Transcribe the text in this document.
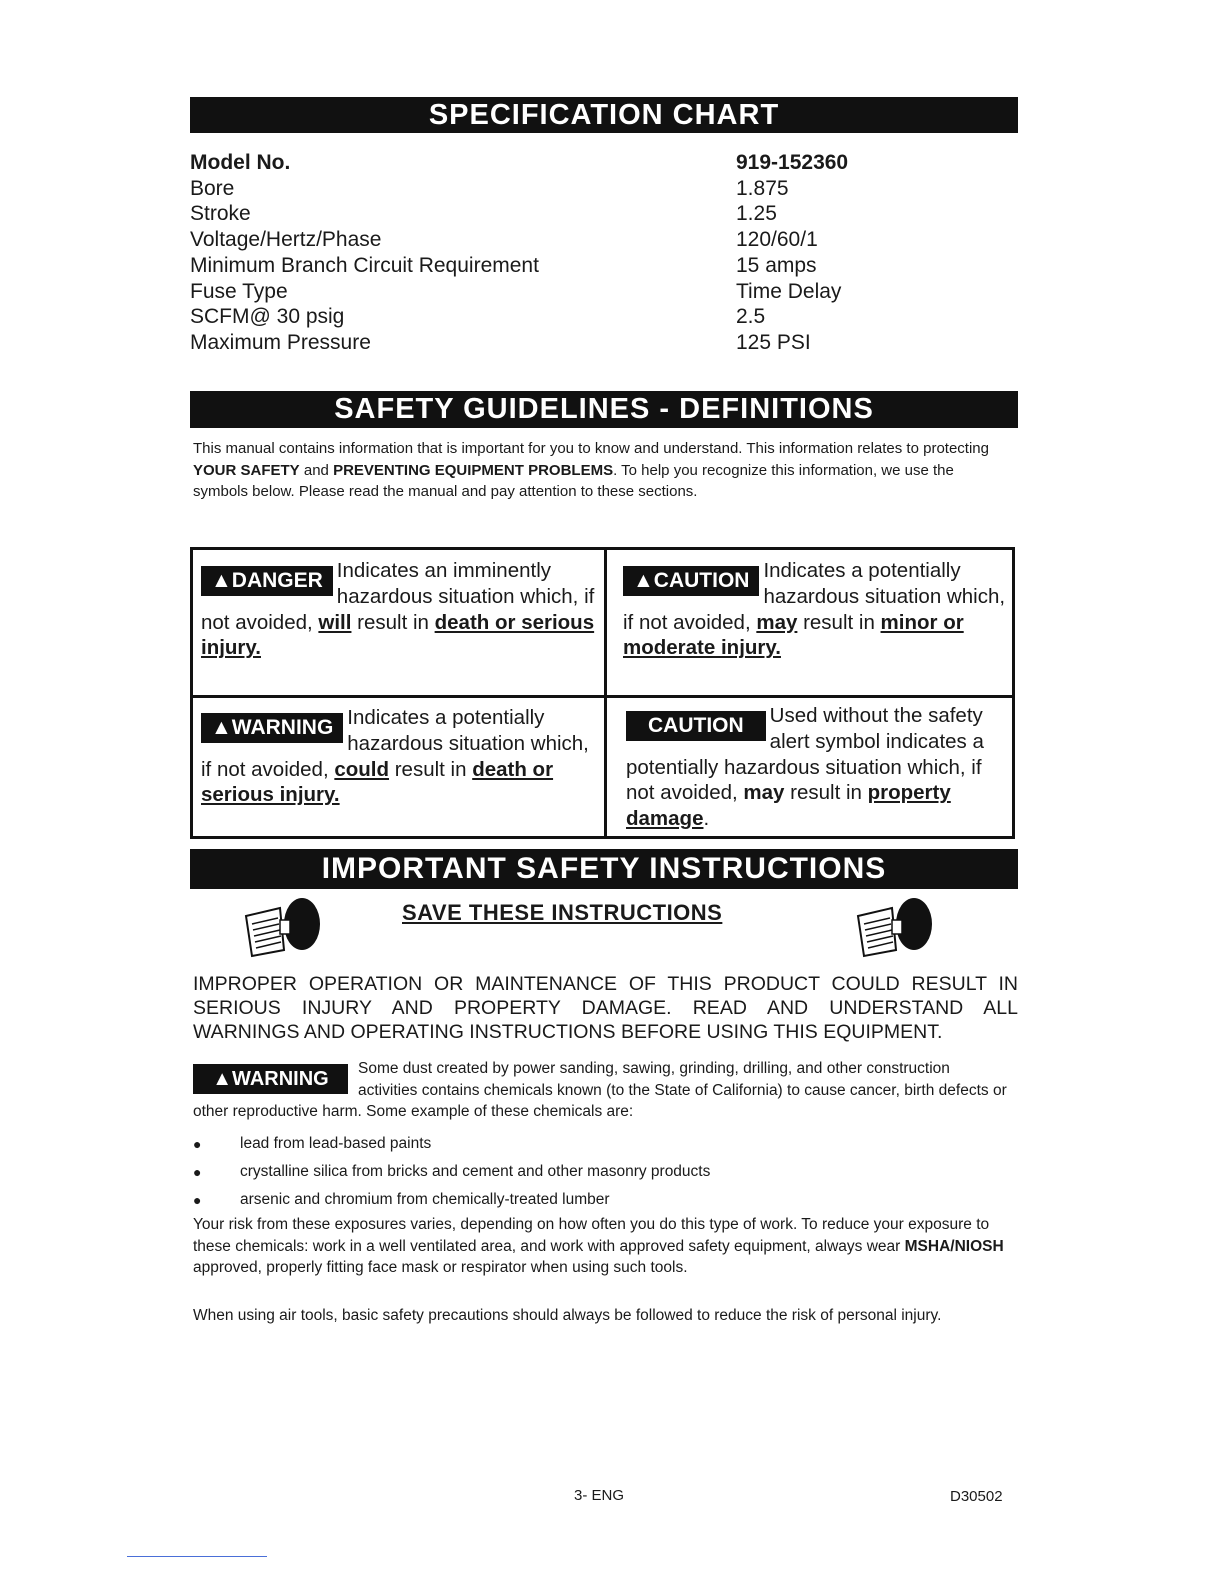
SPECIFICATION CHART
Model No.	919-152360
Bore	1.875
Stroke	1.25
Voltage/Hertz/Phase	120/60/1
Minimum Branch Circuit Requirement	15 amps
Fuse Type	Time Delay
SCFM@ 30 psig	2.5
Maximum Pressure	125 PSI
SAFETY GUIDELINES - DEFINITIONS
This manual contains information that is important for you to know and understand. This information relates to protecting YOUR SAFETY and PREVENTING EQUIPMENT PROBLEMS. To help you recognize this information, we use the symbols below. Please read the manual and pay attention to these sections.
▲DANGER Indicates an imminently hazardous situation which, if not avoided, will result in death or serious injury.
▲CAUTION Indicates a potentially hazardous situation which, if not avoided, may result in minor or moderate injury.
▲WARNING Indicates a potentially hazardous situation which, if not avoided, could result in death or serious injury.
CAUTION	Used without the safety alert symbol indicates a potentially hazardous situation which, if not avoided, may result in property damage.
IMPORTANT SAFETY INSTRUCTIONS
SAVE THESE INSTRUCTIONS
IMPROPER OPERATION OR MAINTENANCE OF THIS PRODUCT COULD RESULT IN SERIOUS INJURY AND PROPERTY DAMAGE. READ AND UNDERSTAND ALL
WARNINGS AND OPERATING INSTRUCTIONS BEFORE USING THIS EQUIPMENT.
▲WARNING	Some dust created by power sanding, sawing, grinding, drilling, and other construction activities contains chemicals known (to the State of California) to cause cancer, birth defects or other reproductive harm. Some example of these chemicals are:
●	lead from lead-based paints
●	crystalline silica from bricks and cement and other masonry products
●	arsenic and chromium from chemically-treated lumber
Your risk from these exposures varies, depending on how often you do this type of work. To reduce your exposure to these chemicals: work in a well ventilated area, and work with approved safety equipment, always wear MSHA/NIOSH approved, properly fitting face mask or respirator when using such tools.
When using air tools, basic safety precautions should always be followed to reduce the risk of personal injury.
3- ENG	D30502
